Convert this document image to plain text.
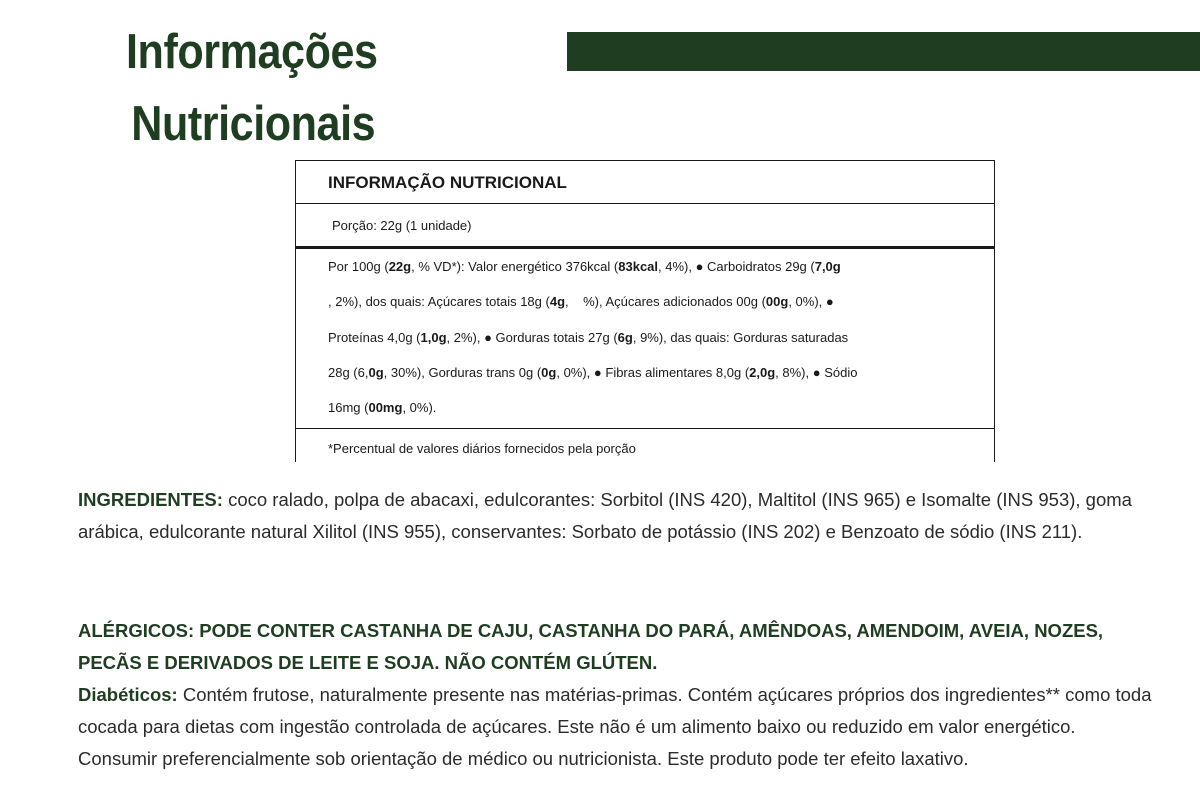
Informações
Nutricionais
INFORMAÇÃO NUTRICIONAL
Porção: 22g (1 unidade)
Por 100g (22g, % VD*): Valor energético 376kcal (83kcal, 4%), ● Carboidratos 29g (7,0g
, 2%), dos quais: Açúcares totais 18g (4g,    %), Açúcares adicionados 00g (00g, 0%), ●
Proteínas 4,0g (1,0g, 2%), ● Gorduras totais 27g (6g, 9%), das quais: Gorduras saturadas
28g (6,0g, 30%), Gorduras trans 0g (0g, 0%), ● Fibras alimentares 8,0g (2,0g, 8%), ● Sódio
16mg (00mg, 0%).
*Percentual de valores diários fornecidos pela porção
INGREDIENTES: coco ralado, polpa de abacaxi, edulcorantes: Sorbitol (INS 420), Maltitol (INS 965) e Isomalte (INS 953), goma arábica, edulcorante natural Xilitol (INS 955), conservantes: Sorbato de potássio (INS 202) e Benzoato de sódio (INS 211).
ALÉRGICOS: PODE CONTER CASTANHA DE CAJU, CASTANHA DO PARÁ, AMÊNDOAS, AMENDOIM, AVEIA, NOZES, PECÃS E DERIVADOS DE LEITE E SOJA. NÃO CONTÉM GLÚTEN.
Diabéticos: Contém frutose, naturalmente presente nas matérias-primas. Contém açúcares próprios dos ingredientes** como toda cocada para dietas com ingestão controlada de açúcares. Este não é um alimento baixo ou reduzido em valor energético. Consumir preferencialmente sob orientação de médico ou nutricionista. Este produto pode ter efeito laxativo.
